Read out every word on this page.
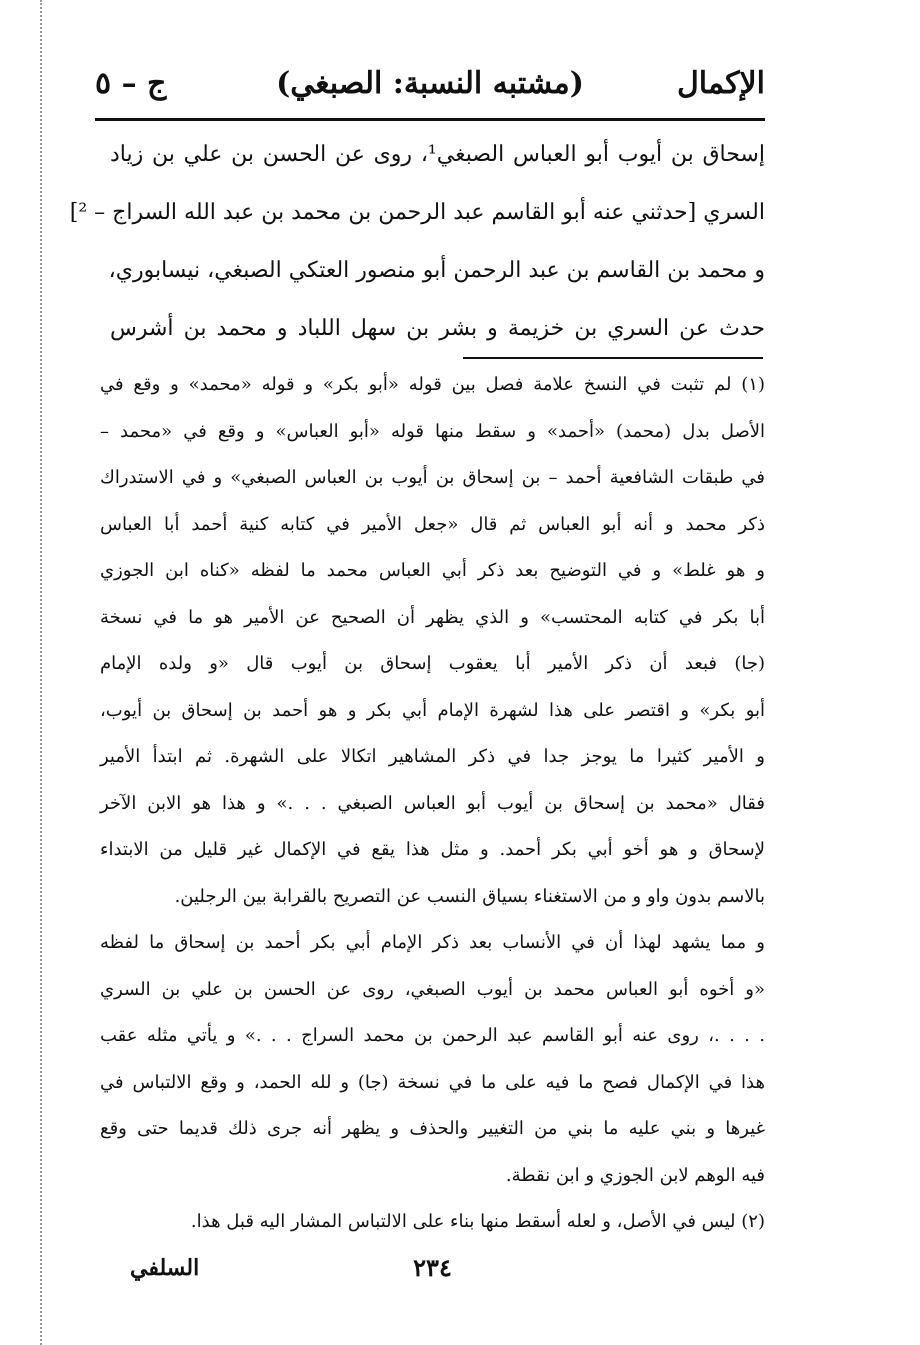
الإكمال
(مشتبه النسبة: الصبغي)
ج – ٥
إسحاق بن أيوب أبو العباس الصبغي¹، روى عن الحسن بن علي بن زياد
السري [حدثني عنه أبو القاسم عبد الرحمن بن محمد بن عبد الله السراج – ²]
و محمد بن القاسم بن عبد الرحمن أبو منصور العتكي الصبغي، نيسابوري،
حدث عن السري بن خزيمة و بشر بن سهل اللباد و محمد بن أشرس
(١) لم تثبت في النسخ علامة فصل بين قوله «أبو بكر» و قوله «محمد» و وقع في
الأصل بدل (محمد) «أحمد» و سقط منها قوله «أبو العباس» و وقع في «محمد –
في طبقات الشافعية أحمد – بن إسحاق بن أيوب بن العباس الصبغي» و في الاستدراك
ذكر محمد و أنه أبو العباس ثم قال «جعل الأمير في كتابه كنية أحمد أبا العباس
و هو غلط» و في التوضيح بعد ذكر أبي العباس محمد ما لفظه «كناه ابن الجوزي
أبا بكر في كتابه المحتسب» و الذي يظهر أن الصحيح عن الأمير هو ما في نسخة
(جا) فبعد أن ذكر الأمير أبا يعقوب إسحاق بن أيوب قال «و ولده الإمام
أبو بكر» و اقتصر على هذا لشهرة الإمام أبي بكر و هو أحمد بن إسحاق بن أيوب،
و الأمير كثيرا ما يوجز جدا في ذكر المشاهير اتكالا على الشهرة. ثم ابتدأ الأمير
فقال «محمد بن إسحاق بن أيوب أبو العباس الصبغي . . .» و هذا هو الابن الآخر
لإسحاق و هو أخو أبي بكر أحمد. و مثل هذا يقع في الإكمال غير قليل من الابتداء
بالاسم بدون واو و من الاستغناء بسياق النسب عن التصريح بالقرابة بين الرجلين.
و مما يشهد لهذا أن في الأنساب بعد ذكر الإمام أبي بكر أحمد بن إسحاق ما لفظه
«و أخوه أبو العباس محمد بن أيوب الصبغي، روى عن الحسن بن علي بن السري
. . . .، روى عنه أبو القاسم عبد الرحمن بن محمد السراج . . .» و يأتي مثله عقب
هذا في الإكمال فصح ما فيه على ما في نسخة (جا) و لله الحمد، و وقع الالتباس في
غيرها و بني عليه ما بني من التغيير والحذف و يظهر أنه جرى ذلك قديما حتى وقع
فيه الوهم لابن الجوزي و ابن نقطة.
(٢) ليس في الأصل، و لعله أسقط منها بناء على الالتباس المشار اليه قبل هذا.
٢٣٤
السلفي
